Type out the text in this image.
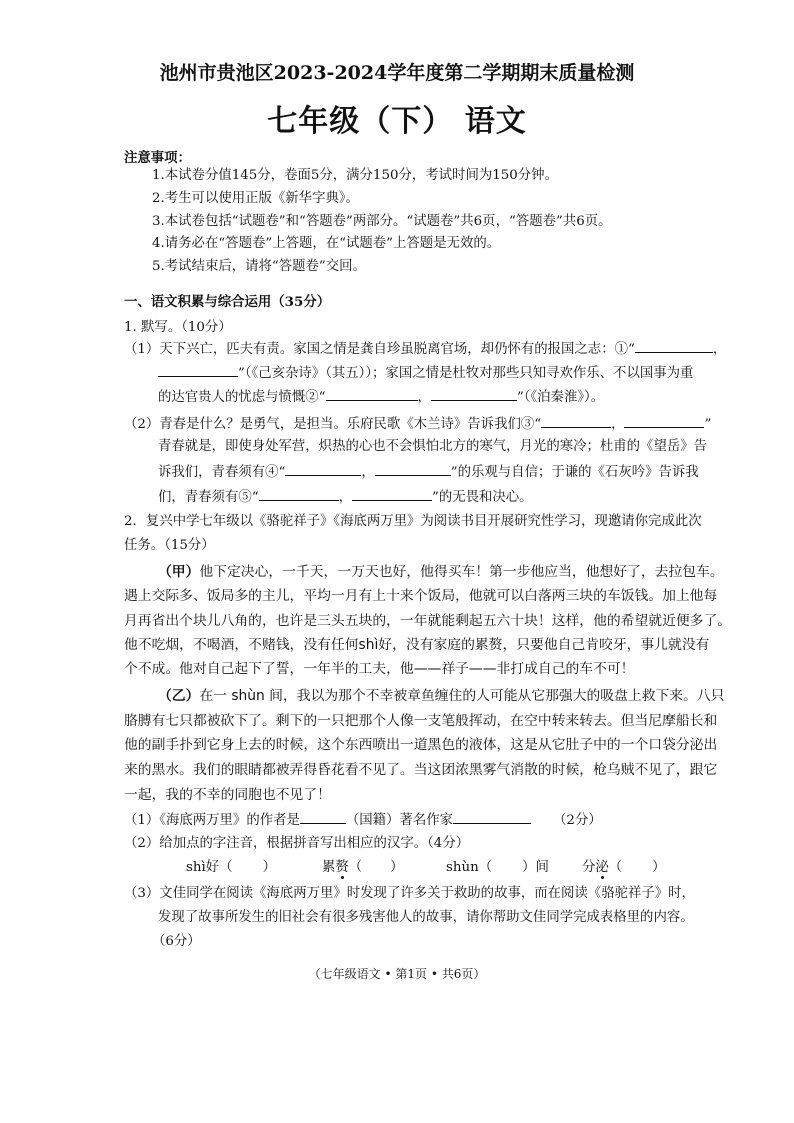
池州市贵池区2023-2024学年度第二学期期末质量检测
七年级（下） 语文
注意事项：
1.本试卷分值145分，卷面5分，满分150分，考试时间为150分钟。
2.考生可以使用正版《新华字典》。
3.本试卷包括“试题卷”和“答题卷”两部分。“试题卷”共6页，“答题卷”共6页。
4.请务必在“答题卷”上答题，在“试题卷”上答题是无效的。
5.考试结束后，请将“答题卷”交回。
一、语文积累与综合运用（35分）
1. 默写。（10分）
（1）天下兴亡，匹夫有责。家国之情是龚自珍虽脱离官场，却仍怀有的报国之志：①“	，
”（《己亥杂诗》（其五））；家国之情是杜牧对那些只知寻欢作乐、不以国事为重
的达官贵人的忧虑与愤慨②“	，	”（《泊秦淮》）。
（2）青春是什么？是勇气，是担当。乐府民歌《木兰诗》告诉我们③“	，	”
青春就是，即使身处军营，炽热的心也不会惧怕北方的寒气，月光的寒冷；杜甫的《望岳》告
诉我们，青春须有④“	，	”的乐观与自信；于谦的《石灰吟》告诉我
们，青春须有⑤“	，	”的无畏和决心。
2．复兴中学七年级以《骆驼祥子》《海底两万里》为阅读书目开展研究性学习，现邀请你完成此次
任务。（15分）
（甲）他下定决心，一千天，一万天也好，他得买车！第一步他应当，他想好了，去拉包车。
遇上交际多、饭局多的主儿，平均一月有上十来个饭局，他就可以白落两三块的车饭钱。加上他每
月再省出个块儿八角的，也许是三头五块的，一年就能剩起五六十块！这样，他的希望就近便多了。
他不吃烟，不喝酒，不赌钱，没有任何shì好，没有家庭的累赘，只要他自己肯咬牙，事儿就没有
个不成。他对自己起下了誓，一年半的工夫，他——祥子——非打成自己的车不可！
（乙）在一 shùn 间，我以为那个不幸被章鱼缠住的人可能从它那强大的吸盘上救下来。八只
胳膊有七只都被砍下了。剩下的一只把那个人像一支笔般挥动，在空中转来转去。但当尼摩船长和
他的副手扑到它身上去的时候，这个东西喷出一道黑色的液体，这是从它肚子中的一个口袋分泌出
来的黑水。我们的眼睛都被弄得昏花看不见了。当这团浓黑雾气消散的时候，枪乌贼不见了，跟它
一起，我的不幸的同胞也不见了！
（1）《海底两万里》的作者是	（国籍）著名作家	（2分）
（2）给加点的字注音，根据拼音写出相应的汉字。（4分）
shì好（ ）	累赘（ ）	shùn（ ）间 分泌（ ）
（3）文佳同学在阅读《海底两万里》时发现了许多关于救助的故事，而在阅读《骆驼祥子》时，
发现了故事所发生的旧社会有很多残害他人的故事，请你帮助文佳同学完成表格里的内容。
（6分）
（七年级语文 • 第1页 • 共6页）
